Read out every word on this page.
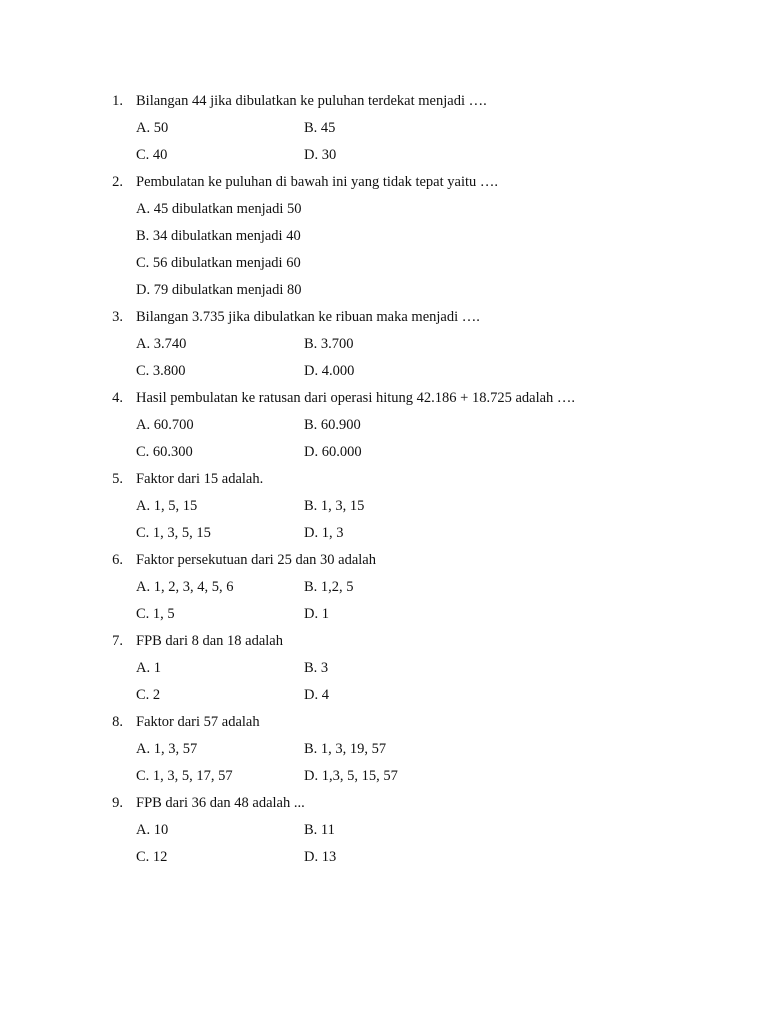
1. Bilangan 44 jika dibulatkan ke puluhan terdekat menjadi ….
A. 50	B. 45
C. 40	D. 30
2. Pembulatan ke puluhan di bawah ini yang tidak tepat yaitu ….
A. 45 dibulatkan menjadi 50
B. 34 dibulatkan menjadi 40
C. 56 dibulatkan menjadi 60
D. 79 dibulatkan menjadi 80
3. Bilangan 3.735 jika dibulatkan ke ribuan maka menjadi ….
A. 3.740	B. 3.700
C. 3.800	D. 4.000
4. Hasil pembulatan ke ratusan dari operasi hitung 42.186 + 18.725 adalah ….
A. 60.700	B. 60.900
C. 60.300	D. 60.000
5. Faktor dari 15 adalah.
A. 1, 5, 15	B. 1, 3, 15
C. 1, 3, 5, 15	D. 1, 3
6. Faktor persekutuan dari 25 dan 30 adalah
A. 1, 2, 3, 4, 5, 6	B. 1,2, 5
C. 1, 5	D. 1
7. FPB dari 8 dan 18 adalah
A. 1	B. 3
C. 2	D. 4
8. Faktor dari 57 adalah
A. 1, 3, 57	B. 1, 3, 19, 57
C. 1, 3, 5, 17, 57	D. 1,3, 5, 15, 57
9. FPB dari 36 dan 48 adalah ...
A. 10	B. 11
C. 12	D. 13
